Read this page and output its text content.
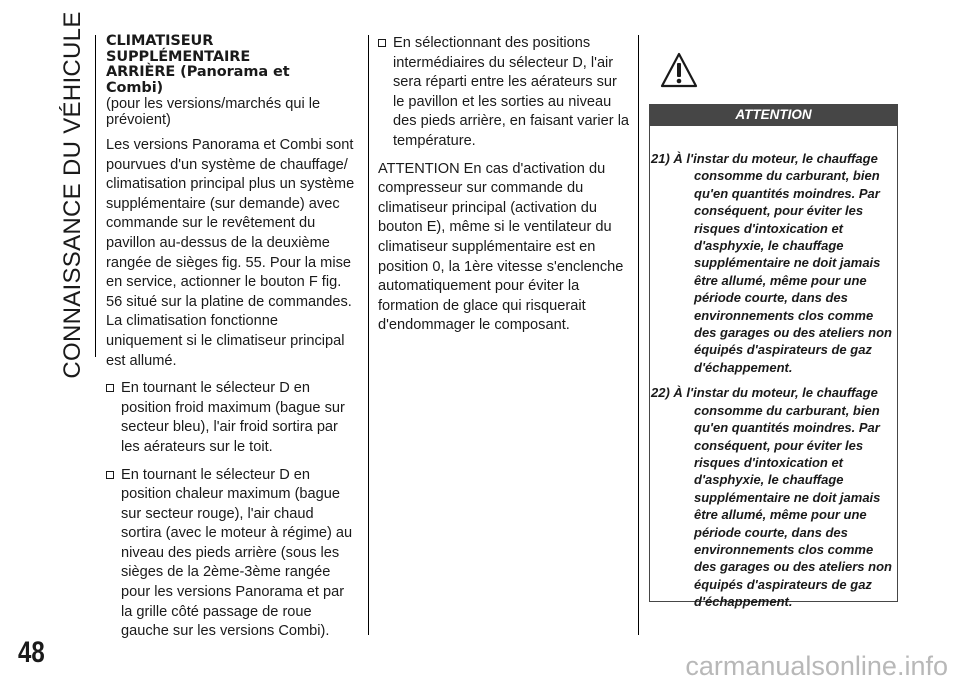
CONNAISSANCE DU VÉHICULE CLIMATISEUR
SUPPLÉMENTAIRE
ARRIÈRE (Panorama et
Combi)
(pour les versions/marchés qui le prévoient)

Les versions Panorama et Combi sont pourvues d'un système de chauffage/ climatisation principal plus un système supplémentaire (sur demande) avec commande sur le revêtement du pavillon au-dessus de la deuxième rangée de sièges fig. 55. Pour la mise en service, actionner le bouton F fig. 56 situé sur la platine de commandes. La climatisation fonctionne uniquement si le climatiseur principal est allumé.

En tournant le sélecteur D en position froid maximum (bague sur secteur bleu), l'air froid sortira par les aérateurs sur le toit.
En tournant le sélecteur D en position chaleur maximum (bague sur secteur rouge), l'air chaud sortira (avec le moteur à régime) au niveau des pieds arrière (sous les sièges de la 2ème-3ème rangée pour les versions Panorama et par la grille côté passage de roue gauche sur les versions Combi).
En sélectionnant des positions intermédiaires du sélecteur D, l'air sera réparti entre les aérateurs sur le pavillon et les sorties au niveau des pieds arrière, en faisant varier la température.

ATTENTION En cas d'activation du compresseur sur commande du climatiseur principal (activation du bouton E), même si le ventilateur du climatiseur supplémentaire est en position 0, la 1ère vitesse s'enclenche automatiquement pour éviter la formation de glace qui risquerait d'endommager le composant.

ATTENTION
21) À l'instar du moteur, le chauffage consomme du carburant, bien qu'en quantités moindres. Par conséquent, pour éviter les risques d'intoxication et d'asphyxie, le chauffage supplémentaire ne doit jamais être allumé, même pour une période courte, dans des environnements clos comme des garages ou des ateliers non équipés d'aspirateurs de gaz d'échappement.
22) À l'instar du moteur, le chauffage consomme du carburant, bien qu'en quantités moindres. Par conséquent, pour éviter les risques d'intoxication et d'asphyxie, le chauffage supplémentaire ne doit jamais être allumé, même pour une période courte, dans des environnements clos comme des garages ou des ateliers non équipés d'aspirateurs de gaz d'échappement.
48	carmanualsonline.info
